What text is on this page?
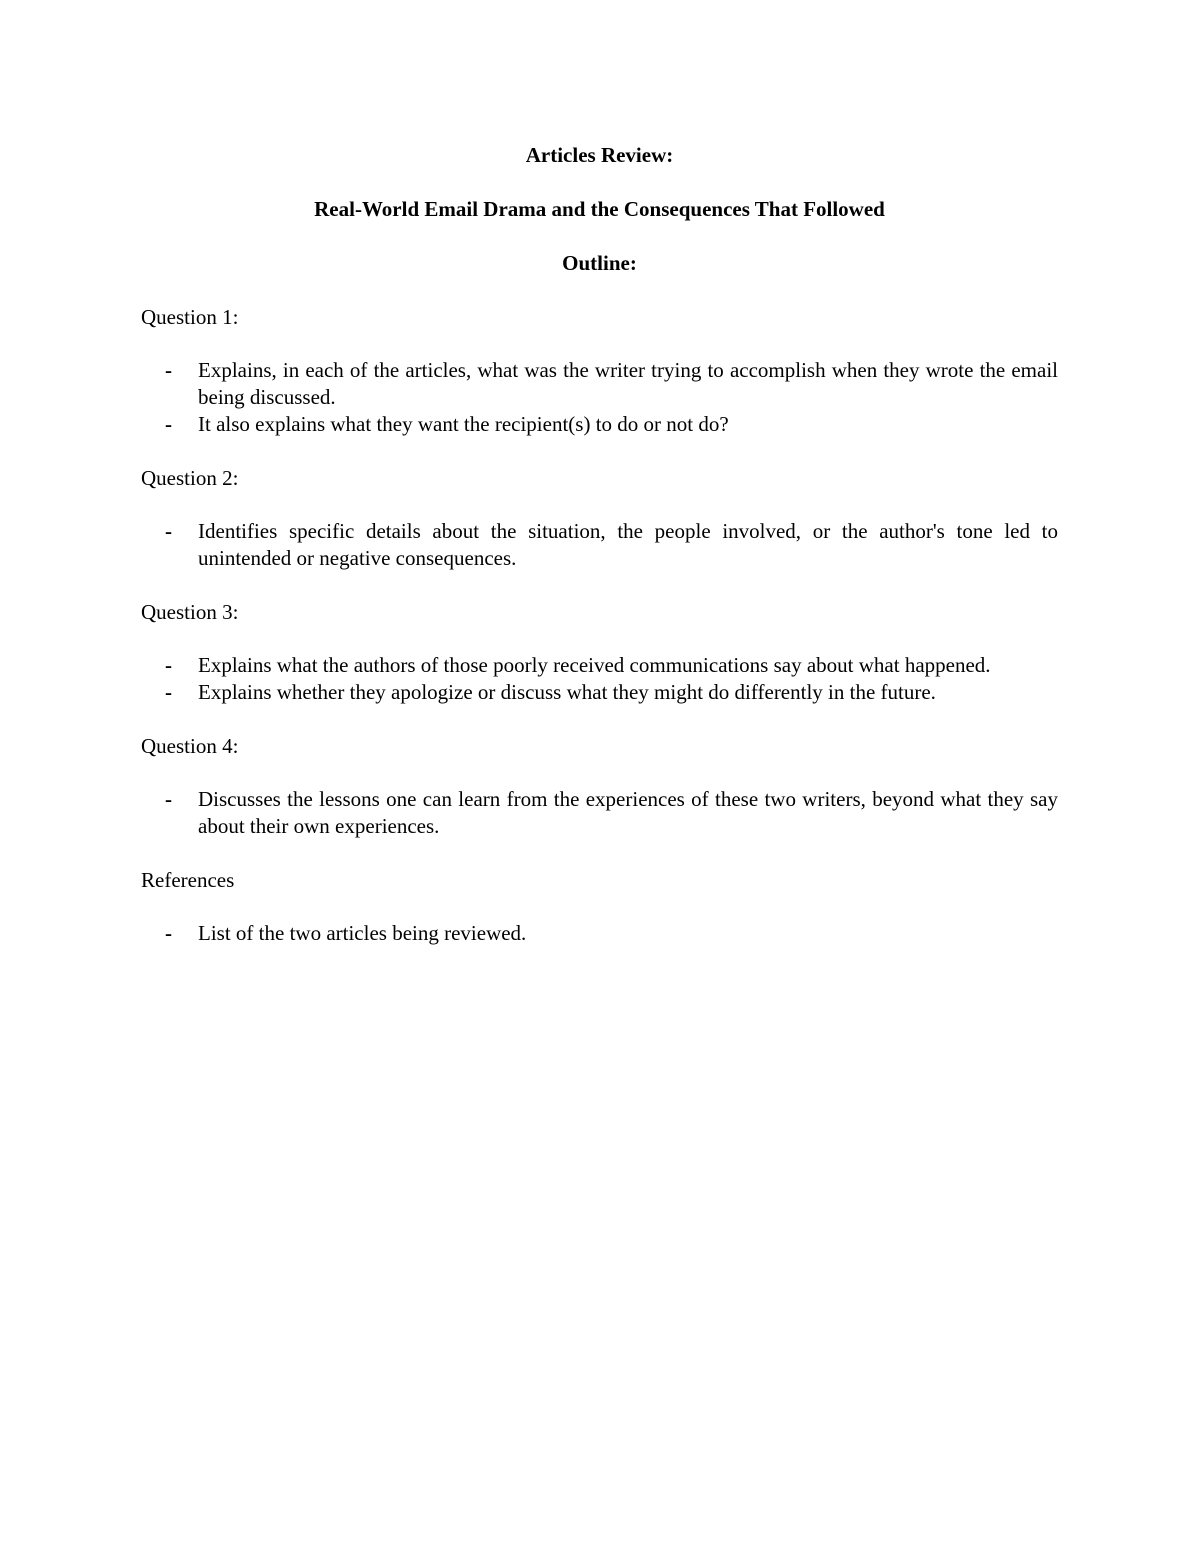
Articles Review:

Real-World Email Drama and the Consequences That Followed

Outline:

Question 1:

- Explains, in each of the articles, what was the writer trying to accomplish when they wrote the email being discussed.
- It also explains what they want the recipient(s) to do or not do?

Question 2:

- Identifies specific details about the situation, the people involved, or the author's tone led to unintended or negative consequences.

Question 3:

- Explains what the authors of those poorly received communications say about what happened.
- Explains whether they apologize or discuss what they might do differently in the future.

Question 4:

- Discusses the lessons one can learn from the experiences of these two writers, beyond what they say about their own experiences.

References

- List of the two articles being reviewed.
